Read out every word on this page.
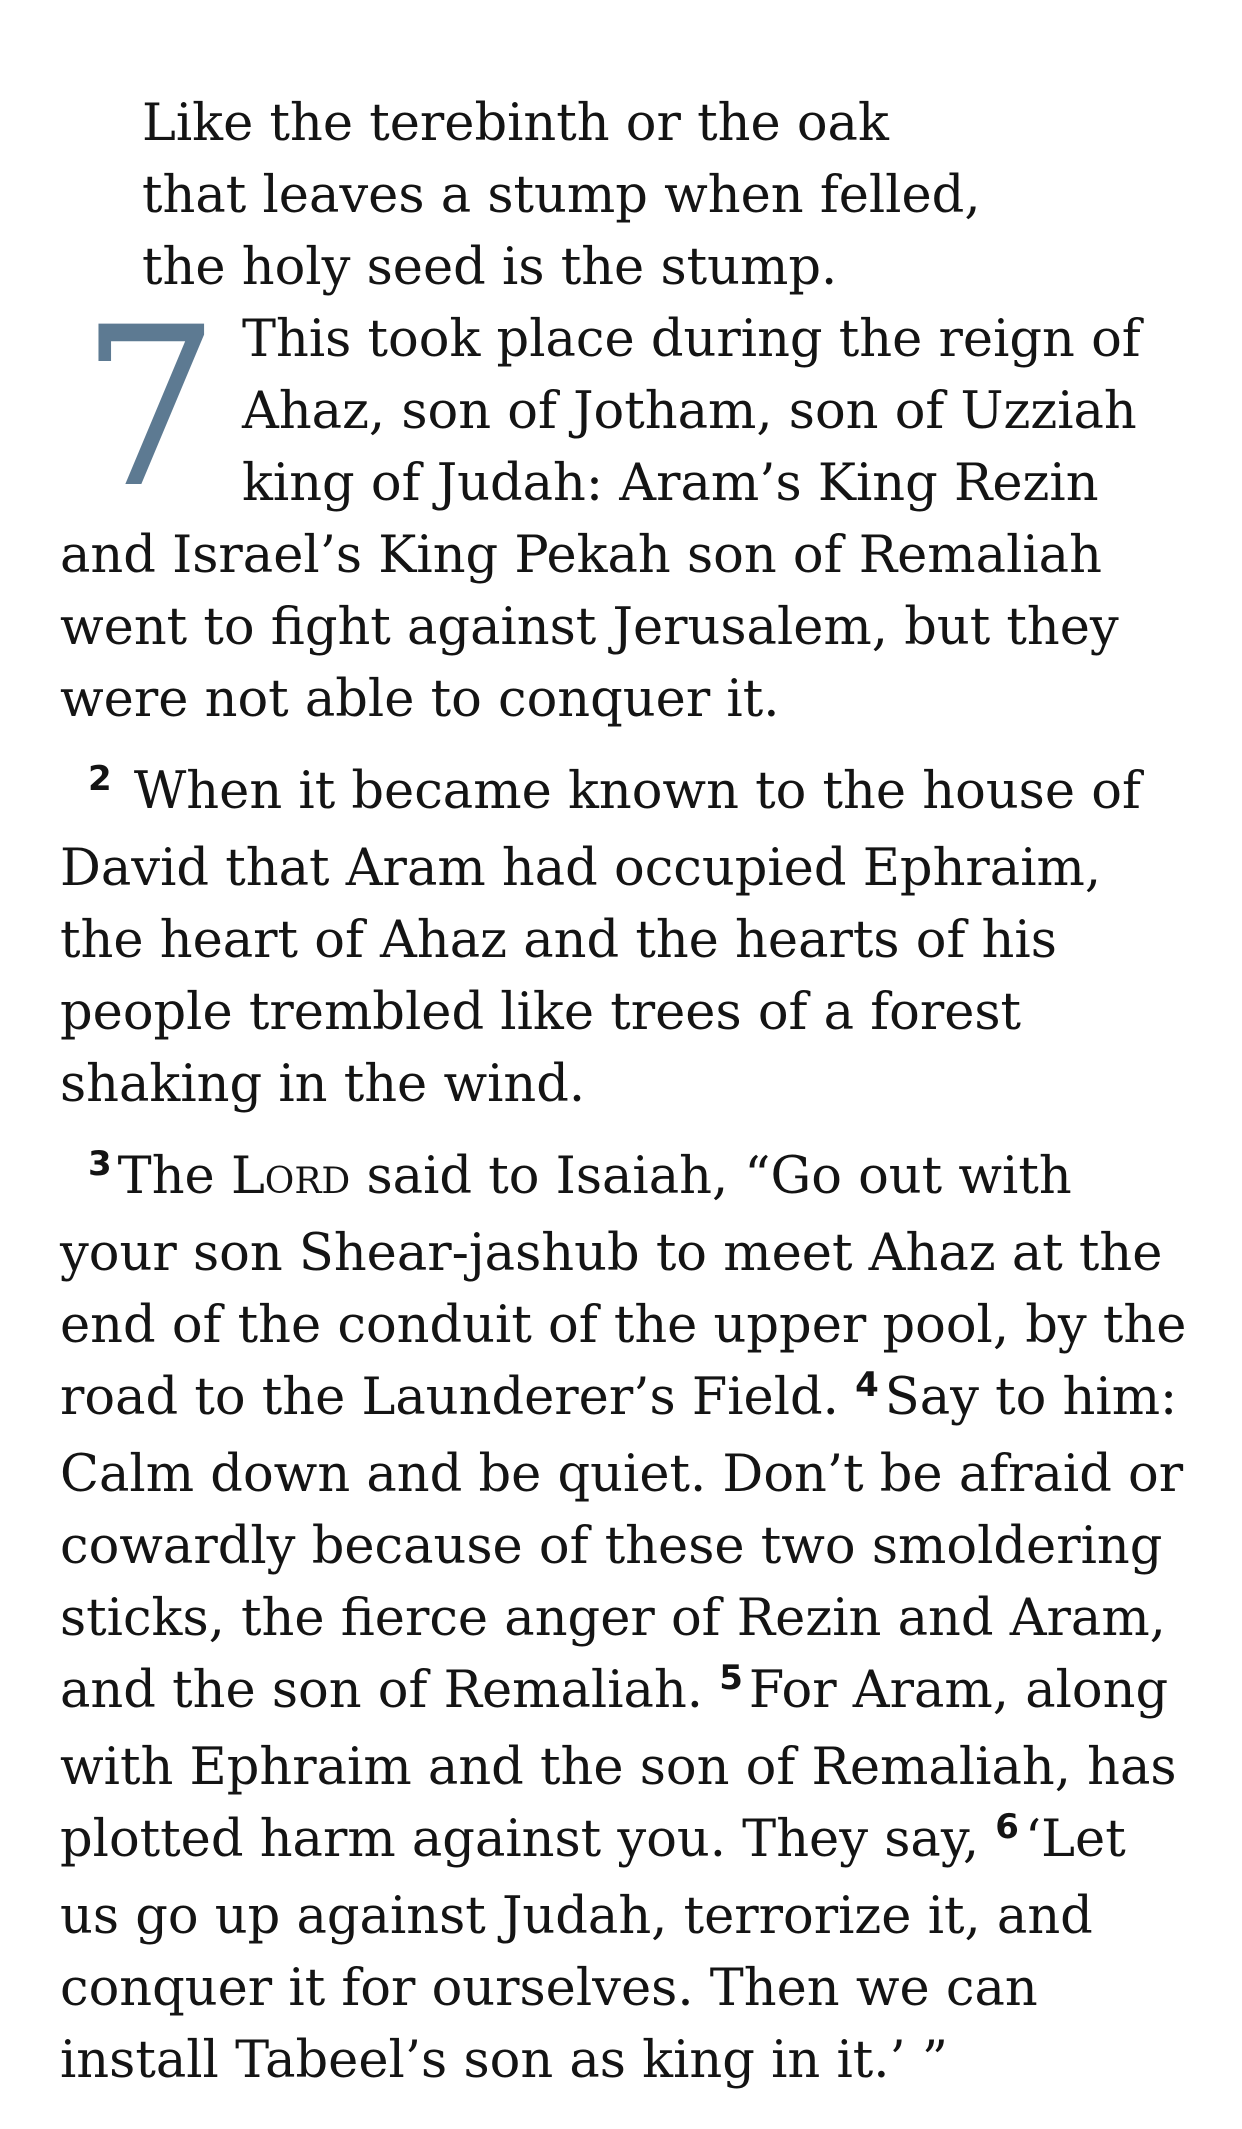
Like the terebinth or the oak
that leaves a stump when felled,
the holy seed is the stump.

7 This took place during the reign of Ahaz, son of Jotham, son of Uzziah king of Judah: Aram’s King Rezin and Israel’s King Pekah son of Remaliah went to fight against Jerusalem, but they were not able to conquer it.

$^2$ When it became known to the house of David that Aram had occupied Ephraim, the heart of Ahaz and the hearts of his people trembled like trees of a forest shaking in the wind.

$^3$ The Lord said to Isaiah, “Go out with your son Shear-jashub to meet Ahaz at the end of the conduit of the upper pool, by the road to the Launderer’s Field. $^4$ Say to him: Calm down and be quiet. Don’t be afraid or cowardly because of these two smoldering sticks, the fierce anger of Rezin and Aram, and the son of Remaliah. $^5$ For Aram, along with Ephraim and the son of Remaliah, has plotted harm against you. They say, $^6$ ‘Let us go up against Judah, terrorize it, and conquer it for ourselves. Then we can install Tabeel’s son as king in it.’ ”
